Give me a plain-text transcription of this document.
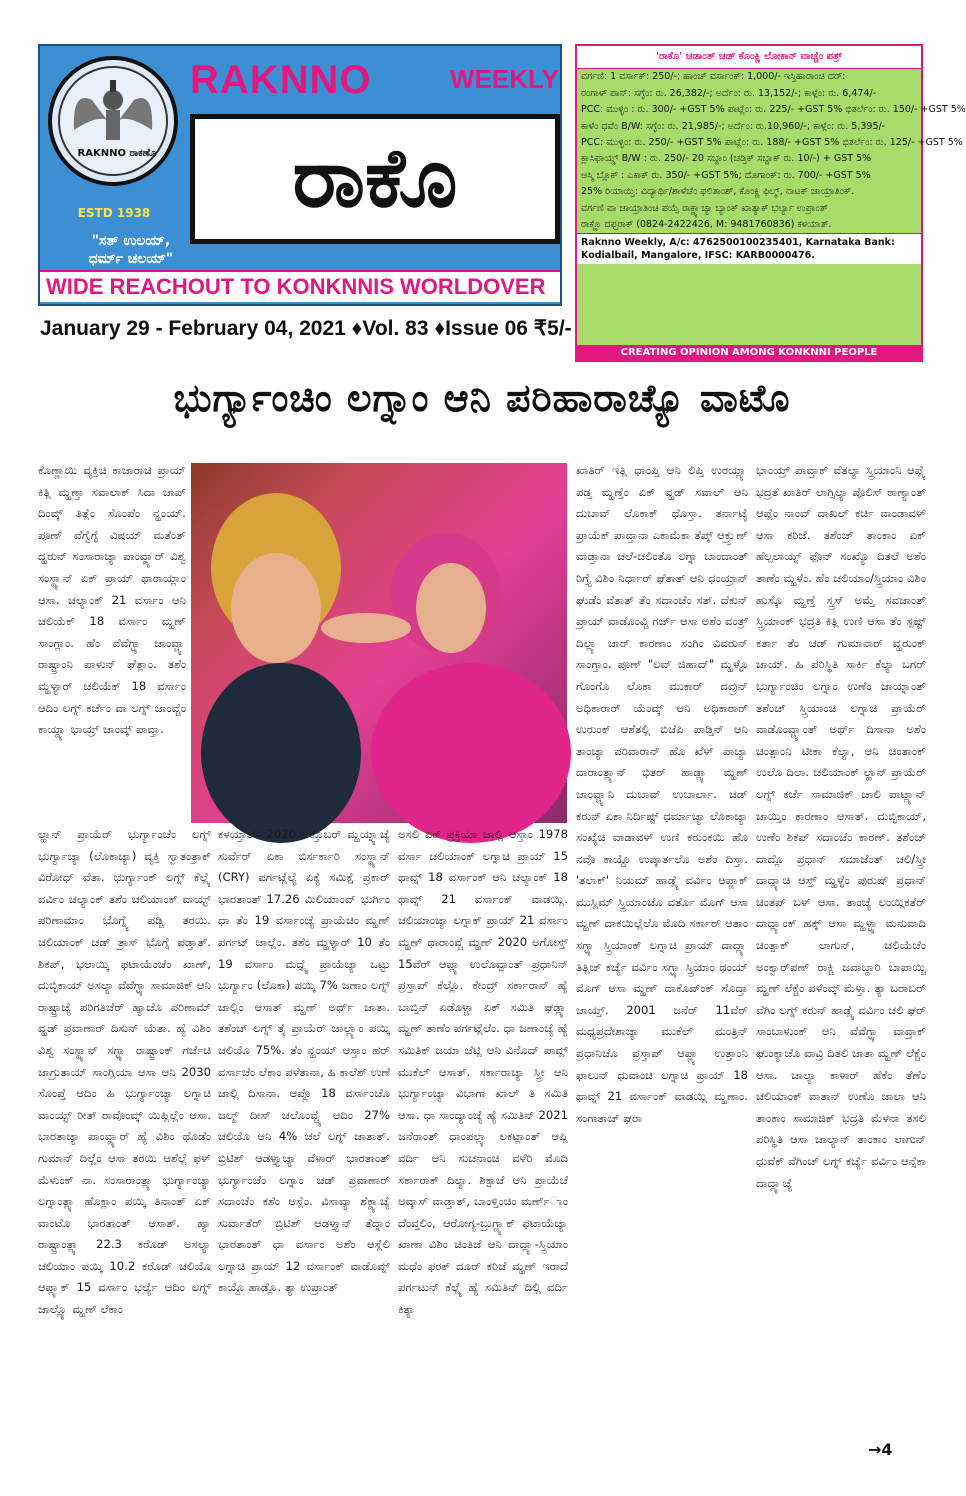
RAKNNO ರಾಕಣೊ
ESTD 1938
RAKNNO	WEEKLY
ರಾಕೊ
"ಸತ್ ಉಲಯ್,
ಧರ್ಮ್ ಚಲಯ್"
WIDE REACHOUT TO KONKNNIS WORLDOVER
January 29 - February 04, 2021 ♦Vol. 83 ♦Issue 06 ₹5/-
'ರಾಕೊ' ಚಡಾಂತ್ ಚಡ್ ಕೊಂಕ್ಣಿ ಲೋಕಾನ್ ವಾಚ್ಚೆಂ ಪತ್ರ್
ವರ್ಗಣಿ: 1 ವರ್ಸಾಕ್: 250/-; ಹಾಂಚ್ ವರ್ಸಾಂಕ್: 1,000/- ಇಸ್ತಿಹಾರಾಂಚಿ ದರ್:
ರಂಗಾಳ್ ಪಾನ್: ಸಗ್ಳೆಂ: ರು. 26,382/-; ಅರ್ದೆಂ: ರು. 13,152/-; ಕಾಳ್ಗೆಂ: ರು. 6,474/-
PCC: ಮುಳ್ಳಿಂ : ರು. 300/- +GST 5% ಪಾಟ್ಲೆಂ: ರು. 225/- +GST 5% ಭಿತರ್ಲೆಂ: ರು. 150/- +GST 5%
ಕಾಳೆಂ ಧವೆಂ B/W: ಸಗ್ಳೆಂ: ರು. 21,985/-; ಅರ್ದೆಂ: ರು.10,960/-; ಕಾಳ್ಗೆಂ: ರು. 5,395/-
PCC: ಮುಳ್ಳಿಂ: ರು. 250/- +GST 5% ಪಾಟ್ಲೆಂ: ರು. 188/- +GST 5% ಭಿತರ್ಲೆಂ: ರು. 125/- +GST 5%
ಕ್ಲಾಸಿಫಾಯ್ಡ್ B/W : ರು. 250/- 20 ಸಬ್ದಾಂ (ಚಡ್ತಿಕ್ ಸಬ್ದಾಕ್ ರು. 10/-) + GST 5%
ಆಸ್ಮಿ ಬ್ಲೊಕ್ : ಎಕಾಕ್ ರು. 350/- +GST 5%; ದೊಗಾಂಕ್: ರು. 700/- +GST 5%
25% ರಿಯಾಯ್ತಿ: ವಿದ್ಯಾರ್ಥಿ/ಶಾಳೆಚೆಂ ಫಲಿತಾಂಶ್, ಕೊಂಕ್ಣಿ ಫಿಲ್ಮ್, ನಾಟಕ್ ಜಾಯ್ರಾತಿಂಕ್.
ವರ್ಗಣಿ ವಾ ಜಾಯ್ರಾತಿಂಚಿ ಪಯ್ಸೆ ರಾಕ್ಣ್ಯಾಚ್ಯಾ ಬ್ಯಾಂಕ್ ಖಾತ್ಯಾಕ್ ಭರ್ಲ್ಯಾ ಉಪ್ರಾಂತ್
ರಾಕ್ಣೊ ದಫ್ತರಾಕ್ (0824-2422426, M: 9481760836) ಕಳಯಾತ್.
Raknno Weekly, A/c: 4762500100235401, Karnataka Bank:
Kodialbail, Mangalore, IFSC: KARB0000476.
CREATING OPINION AMONG KONKNNI PEOPLE
ಭುರ್ಗ್ಯಾಂಚಿಂ ಲಗ್ನಾಂ ಆನಿ ಪರಿಹಾರಾಚ್ಯೊ ವಾಟೊ
ಕೊಣ್ಣಾಯಿ ವ್ಯಕ್ತಿಚಿ ಕಾಜಾರಾಚಿ ಪ್ರಾಯ್ ಕಿತ್ಲಿ ಮ್ಹಣ್ತಾ ಸವಾಲಾಕ್ ಸಿದಾ ಜಾಪ್ ದಿಂವ್ಕ್ ತಿತ್ಲೆಂ ಸೊಂಪೆಂ ನ್ಹಂಯ್. ಪೂಣ್ ವೆಗ್ವೆಗ್ಳೆ ವಿಷಯ್ ಮತೆಂತ್ ದ್ಹರುನ್ ಸಂಸಾರಾಚ್ಯಾ ಪಾಂವ್ಡ್ಯಾರ್ ವಿಶ್ವ ಸಂಸ್ಥ್ಯಾನ್ ಏಕ್ ಪ್ರಾಯ್ ಥಾರಾಯ್ಲಾಂ ಆಸಾ. ಚಲ್ಯಾಂಕ್ 21 ವರ್ಸಾಂ ಆನಿ ಚಲಿಯೆಕ್ 18 ವರ್ಸಾಂ ಮ್ಹಣ್ ಸಾಂಗ್ಲಾಂ. ಹೆಂ ವೆವೆಗ್ಳ್ಯಾ ಜಾಂವ್ಚ್ಯಾ ರಾಷ್ಟ್ರಾಂನಿ ಪಾಳುನ್ ಘೆತ್ಲಾಂ. ತಶೆಂ ಮ್ಹಳ್ಯಾರ್ ಚಲಿಯೆಕ್ 18 ವರ್ಸಾಂ ಆದಿಂ ಲಗ್ನ್ ಕರ್ಚೆಂ ವಾ ಲಗ್ನ್ ಜಾಂವ್ಚೆಂ ಕಾಯ್ದ್ಯಾ ಭಾಯ್ರ್ ಜಾಂವ್ಕ್ ಪಾವ್ತಾ.
ಲ್ಹಾನ್ ಪ್ರಾಯೆರ್ ಭುರ್ಗ್ಯಾಂಚೆಂ ಲಗ್ನ್ ಭುರ್ಗ್ಯಾಚ್ಯಾ (ಲೊಕಾಚ್ಯಾ) ವ್ಯಕ್ತಿ ಸ್ವಾತಂತ್ರಾಕ್ ವಿರೋಧ್ ವೆತಾ. ಭುರ್ಗ್ಯಾಂಕ್ ಲಗ್ನ್ ಕೆಲ್ಲ್ಯೆ ವರ್ವಿಂ ಚಲ್ಯಾಂಕ್ ತಶೆಂ ಚಲಿಯಾಂಕ್ ವಾಯ್ಟ್ ಪರಿಣಾಮಾಂ ಭೊಗ್ನ್ಯೆ ಪಡ್ಚಿ ತರಯಿ. ಚಲಿಯಾಂಕ್ ಚಡ್ ತ್ರಾಸ್ ಭೊಗ್ನೆ ಪಡ್ತಾತ್. ಶಿಕಪ್, ಭಲಾಯ್ಕಿ ಫಟಾಯೆಂಚೆಂ ಖಾಣ್, ದುಬ್ಳಿಕಾಯ್ ಅಸಲ್ಯಾ ವೆವೆಗ್ಳ್ಯಾ ಸಾಮಾಜಿಕ್ ಆನಿ ರಾಷ್ಟ್ರಾಚ್ಯೆ ಪರಿಗತಿಚೆರ್ ಹ್ಯಾಚೊ ಪರಿಣಾಮ್ ವ್ಹಡ್ ಪ್ರವಾಣಾರ್ ದಿಸುನ್ ಯೆತಾ. ಹ್ಯೆ ವಿಶಿಂ ವಿಶ್ವ ಸಂಸ್ಥ್ಯಾನ್ ಸಗ್ಳ್ಯಾ ರಾಷ್ಟ್ರಾಂಕ್ ಗರ್ಜೆಚಿ ಜಾಗ್ರುತಾಯ್ ಸಾಂಗ್ಲಿಯಾ ಆಸಾ ಆನಿ 2030 ಸೊಂಪ್ತೆ ಆದಿಂ ಹಿ ಭುರ್ಗ್ಯಾಂಚ್ಯಾ ಲಗ್ನಾಚಿ ವಾಂಯ್ಟ್ ರೀತ್ ರಾವೊಂವ್ಕ್ ಯಿಪ್ಲಿಲ್ಲೆಂ ಆಸಾ. ಭಾರತಾಚ್ಯಾ ಪಾಂವ್ಡ್ಯಾರ್ ಹ್ಯೆ ವಿಶಿಂ ಥೊಡೆಂ ಗುಮಾನ್ ದಿಲ್ಲೆಂ ಆಸಾ ತರಯಿ ಆಶೆಲ್ಲೆ ಫಳ್ ಮೆಳುಂಕ್ ನಾ. ಸಂಸಾರಾಂತ್ಲ್ಯಾ ಭುರ್ಗ್ಯಾಂಚ್ಯಾ ಲಗ್ನಾಂತ್ಲ್ಯಾ ಹೊಕ್ಲಾಂ ಪಯ್ಕಿ ತಿನಾಂತ್ ಏಕ್ ವಾಂಟೊ ಭಾರತಾಂತ್ ಆಸಾತ್. ಹ್ಯಾ ರಾಷ್ಟ್ರಾಂತ್ಲ್ಯಾ 22.3 ಕರೊಡ್ ಅಸಲ್ಯಾ ಚಲಿಯಾಂ ಪಯ್ಕಿ 10.2 ಕರೊಡ್ ಚಲಿಯೊ ಆಪ್ಲ್ಯಾಕ್ 15 ವರ್ಸಾಂ ಭರ್ಲ್ಯೆ ಆದಿಂ ಲಗ್ನ್ ಜಾಲ್ಲ್ಯೊ ಮ್ಹಣ್ ಲೆಕಾಂ
ಕಳಯ್ತಾತ್. 2020 ಅಕ್ತೊಬರ್ ಮ್ಹಯ್ನ್ಯಾಚ್ಯೆ ಸುರ್ವೆರ್ ಏಕಾ ಬಿರ್ಸರ್ಕಾರಿ ಸಂಸ್ಥ್ಯಾನ್ (CRY) ಪರ್ಗಟ್ಲೆಲ್ಯೆ ಏಕ್ಯೆ ಸಮಿಕ್ಷೆ ಪ್ರಕಾರ್ ಭಾರತಾಂತ್ 17.26 ಮಿಲಿಯಾಂವ್ ಭುರ್ಗಿಂ ಧಾ ತೆಂ 19 ವರ್ಸಾಂಚ್ಯೆ ಪ್ರಾಯೆಚಿಂ ಮ್ಹಣ್ ಪರ್ಗಟ್ ಜಾಲ್ಲೆಂ. ತಶೆಂ ಮ್ಹಳ್ಯಾರ್ 10 ತೆಂ 19 ವರ್ಸಾಂ ಮಧ್ಲ್ಯೆ ಪ್ರಾಯೆಚ್ಯಾ ಒಟ್ಟು ಭುರ್ಗ್ಯಾಂ (ಲೊಕಾ) ಪಯ್ಕಿ 7% ಜಣಾಂ ಲಗ್ನ್ ಜಾಲ್ಲಿಂ ಆಸಾತ್ ಮ್ಹಣ್ ಅರ್ಥ್ ಜಾತಾ. ತಶೆಂಚ್ ಲಗ್ನ್ ತೈ ಪ್ರಾಯೆರ್ ಜಾಲ್ಲ್ಯಾಂ ಪಯ್ಕಿ ಚಲಿಯೊ 75%. ತೆಂ ನ್ಹಂಯ್ ಆಸ್ತಾಂ ಹರ್ ವರ್ಸಾಚೆಂ ಲೆಕಾಂ ಪಳೆತಾನಾ, ಹಿ ಕಾಲೆಶ್ ಉಣೆ ಜಾಲ್ಲಿ ದಿಸಾನಾ. ಆಪ್ಲೊ 18 ವರ್ಸಾಂಚೊ ಜಲ್ಮ್ ದೀಸ್ ಚಲೊಂವ್ಚ್ಯೆ ಆದಿಂ 27% ಚಲಿಯೊ ಆನಿ 4% ಚಲೆ ಲಗ್ನ್ ಜಾತಾತ್. ಬ್ರಿಟಿಶ್ ಆಡಳ್ತ್ಯಾಚ್ಯಾ ವೆಳಾರ್ ಭಾರತಾಂತ್ ಭುರ್ಗ್ಯಾಂಚೆಂ ಲಗ್ನಾಂ ಚಡ್ ಪ್ರವಾಣಾರ್ ಸದಾಂಚೆಂ ಕಶೆಂ ಆಸ್ಲೆಂ. ವಿಸಾವ್ಯಾ ಶೆಕ್ಡ್ಯಾಚ್ಯೆ ಸುರ್ವಾತೆರ್ ಬ್ರಿಟಿಶ್ ಆಡಳ್ತ್ಯಾನ್ ತೆದ್ನಾಂ ಭಾರತಾಂತ್ ಧಾ ವರ್ಸಾಂ ಅಶೆಂ ಆಸ್ಲೆಲಿ ಲಗ್ನಾಚಿ ಪ್ರಾಯ್ 12 ವರ್ಸಾಂಕ್ ವಾಡೊವ್ನ್ ಕಾಯ್ದೊ ಹಾಡ್ಲೊ. ತ್ಯಾ ಉಪ್ರಾಂತ್
ಅಸಲಿ ಏಕ್ ಪ್ರಕ್ರಿಯಾ ಜಾಲ್ಲಿ ಆಸ್ತಾಂ 1978 ವರ್ಸಾ ಚಲಿಯಾಂಕ್ ಲಗ್ನಾಚಿ ಪ್ರಾಯ್ 15 ಥಾವ್ನ್ 18 ವರ್ಸಾಂಕ್ ಆನಿ ಚಲ್ಯಾಂಕ್ 18 ಥಾವ್ನ್ 21 ವರ್ಸಾಂಕ್ ವಾಡಯ್ಲಿ. ಚಲಿಯಾಂಚ್ಯಾ ಲಗ್ನಾಕ್ ಪ್ರಾಯ್ 21 ವರ್ಸಾಂ ಮ್ಹಣ್ ಥಾರಾಂವ್ಚೆ ಮ್ಹಣ್ 2020 ಅಗೋಸ್ತ್ 15ವೆರ್ ಆಪ್ಲ್ಯಾ ಉಲೊವ್ಪಾಂತ್ ಪ್ರಧಾನಿನ್ ಪ್ರಸ್ತಾಪ್ ಕೆಲ್ಲೊ. ಕೇಂದ್ರ್ ಸರ್ಕಾರಾನ್ ಹ್ಯೆ ಬಾಬ್ತಿನ್ ಏಡೊಳ್ಚಾ ಏಕ್ ಸಮಿತಿ ಘಡ್ಲ್ಯಾ ಮ್ಹಣ್ ತಾಣೆಂ ಪರ್ಗಟ್ಲೆಲೆಂ. ಧಾ ಜಣಾಂಚ್ಯೆ ಹ್ಯೆ ಸಮಿತಿಕ್ ಜಯಾ ಜೆಟ್ಲಿ ಆನಿ ವಿನೊದ್ ಪಾವ್ಲ್ ಮುಕೆಲ್ ಆಸಾತ್. ಸರ್ಕಾರಾಚ್ಯಾ ಸ್ತ್ರೀ ಆನಿ ಭುರ್ಗ್ಯಾಂಚ್ಯಾ ವಿಭಾಗಾ ಖಾಲ್ ತಿ ಸಮಿತಿ ಆಸಾ. ಧಾ ಸಾಂದ್ಯಾಂಚ್ಯೆ ಹ್ಯೆ ಸಮಿತಿನ್ 2021 ಜನೆರಾಂತ್ ಧಾಂಪಲ್ಲ್ಯಾ ಲಕಟ್ಲಾಂತ್ ಆಪ್ಲಿ ವರ್ದಿ ಆನಿ ಸುಚನಾಂಚಿ ವಳೆರಿ ಮೊದಿ ಸರ್ಕಾರಾಕ್ ದಿಲ್ಯಾ. ಶಿಕ್ಪಾಚೆ ಆನಿ ಪ್ರಾಯೆಚೆ ಅವ್ಕಾಸ್ ವಾಡ್ತಾತ್, ಬಾಂಳ್ತಿಂಚಿಂ ಮರ್ಣ್ಾಂ ದೆಂವ್ತಲಿಂ, ಆರೋಗ್ಯ-ಬ್ರುಗ್ಣ್ಯಾಕ್ ಫಟಾಯೆಚ್ಯಾ ಖಾಣಾ ವಿಶಿಂ ಚಿಂತಿಜೆ ಆನಿ ದಾದ್ಲ್ಯಾ-ಸ್ತ್ರಿಯಾಂ ಮಧೆಂ ಫರಕ್ ದೂರ್ ಕರಿಜೆ ಮ್ಹಣ್ ಇರಾದೆ ಪರ್ಗಟುನ್ ಕೆಲ್ಲ್ಯೆ ಹ್ಯೆ ಸಮಿತಿನ್ ದಿಲ್ಲಿ ವರ್ದಿ ಕಿತ್ಯಾ
ಖಾತಿರ್ ಇತ್ಲಿ ಧಾಂಪ್ತಿ ಆನಿ ಲಿಪ್ತಿ ಉರಯ್ಲ್ಯಾ ಪಡ್ತ ಮ್ಹಣ್ತೆಂ ಏಕ್ ವ್ಹಡ್ ಸವಾಲ್ ಆನಿ ದುಬಾವ್ ಲೊಕಾಕ್ ಧೊಸ್ತಾ. ತರ್ನಾಟ್ಯೆ ಪ್ರಾಯೆಕ್ ಪಾವ್ತಾನಾ ಎಕಾಮೆಕಾ ತೆಪ್ಕ್ ಆಕ್ರ್ಸುಣ್ ವಾಡ್ತಾನಾ ಚಲೆ-ಚಲಿಂತೊ ಲಗ್ನಾ ಬಾಂದಾಂತ್ ರಿಗ್ತ್ಯೆ ವಿಶಿಂ ನಿರ್ಧಾರ್ ಘೆತಾತ್ ಆನಿ ಧಂಯ್ರಾನ್ ಘುಡೆಂ ವೆತಾತ್ ತೆಂ ಸದಾಂಚೆಂ ಸತ್. ದೆಕುನ್ ಪ್ರಾಯ್ ವಾಡೊಂವ್ಚಿ ಗರ್ಜ್ ಆಸಾ ಅಶೆಂ ವಂತ್ರ್ ದಿಲ್ಲ್ಯಾ ಚಾರ್ ಕಾರಣಾಂ ಸಂಗಿಂ ವಿವರುನ್ ಸಾಂಗ್ತಾಂ. ಪೂಣ್ "ಲವ್ ಜಿಹಾದ್" ಮ್ಹಳ್ಳೊ ಗೊಂಗೊ ಲೊಕಾ ಮುಕಾರ್ ದವ್ರುನ್ ಅಧಿಕಾರಾರ್ ಯೆಂವ್ಕ್ ಆನಿ ಅಧಿಕಾರಾರ್ ಉರುಂಕ್ ಆಶೆತಲ್ಲಿ ಬಿಜೆಪಿ ಪಾಡ್ತಿನ್ ಆನಿ ತಾಂಚ್ಯಾ ಪರಿವಾರಾನ್ ಹೊ ಖೆಳ್ ಪಾಚ್ಯಾ ದಾರಾಂತ್ಲ್ಯಾನ್ ಭಿತರ್ ಹಾಡ್ಲ್ಯಾ ಮ್ಹಣ್ ಜಾಂವ್ಚ್ಯಾನಿ ದುಬಾವ್ ಉಬಾರ್ಲಾ. ಚಡ್ ಕರುನ್ ಏಕಾ ನಿರ್ದಿಷ್ಟ್ ಧರ್ಮಾಚ್ಯಾ ಲೊಕಾಚ್ಯಾ ಸಂಖ್ಯೆಚಿ ವಾಡಾವಳ್ ಉಣಿ ಕರುಂಕಯಿ ಹೊ ನವೊ ಕಾಯ್ದೊ ಉಪ್ಕಾರ್ತಲೊ ಅಶೆಂ ದಿಸ್ತಾ. 'ತಲಾಕ್' ನಿಯಮ್ ಹಾಡ್ಲ್ಯೆ ವರ್ವಿಂ ಆಪ್ಣಾಕ್ ಮುಸ್ಲಿಮ್ ಸ್ತ್ರಿಯಾಂಚೊ ವರ್ತೊ ಮೊಗ್ ಆಸಾ ಮ್ಹಣ್ ದಾಕಯಿಲ್ಲೆಲೊ ಮೊದಿ ಸರ್ಕಾರ್ ಆತಾಂ ಸಗ್ಳ್ಯಾ ಸ್ತ್ರಿಯಾಂಕ್ ಲಗ್ನಾಚಿ ಪ್ರಾಯ್ ದಾದ್ಲ್ಯಾ ತಿತ್ಲಿಚ್ ಕರ್ಚ್ಯೆ ವರ್ವಿಂ ಸಗ್ಳ್ಯಾ ಸ್ತ್ರಿಯಾಂ ಥಂಯ್ ಮೊಗ್ ಆಸಾ ಮ್ಹಣ್ ದಾಕೊವ್ಂಕ್ ಸೊದ್ತಾ ಜಾಯ್ತ್. 2001 ಜನೆರ್ 11ವೆರ್ ಮಧ್ಯಪ್ರದೇಶಾಚ್ಯಾ ಮುಕೆಲ್ ಮಂತ್ರಿನ್ ಪ್ರಧಾನಿಚೊ ಪ್ರಸ್ತಾಪ್ ಆಪ್ಣ್ಯಾ ಉತ್ತಾಂನಿ ಫಾಲುನ್ ಧುವಾಂಚಿ ಲಗ್ನಾಚಿ ಪ್ರಾಯ್ 18 ಥಾವ್ನ್ 21 ವರ್ಸಾಂಕ್ ವಾಡಯ್ಲಿ ಮ್ಹಣಾಂ. ಸಂಗಾತಾಚ್ ಘರಾ
ಭಾಂಯ್ರ್ ಪಾವ್ತಾಕ್ ವೆತಲ್ಯಾ ಸ್ತ್ರಿಯಾಂನಿ ಆಪ್ಲ್ಯೆ ಭದ್ರತೆ ಖಾತಿರ್ ಲಾಗ್ಸಿಲ್ಯಾ ಪೊಲಿಸ್ ಠಾಣ್ಯಾಂತ್ ಆಪ್ಲೆಂ ನಾಂವ್ ದಾಖಲ್ ಕರ್ಚಿ ವಾಂಡಾವಳ್ ಆಸಾ ಕರಿಜೆ. ತಶೆಂಚ್ ತಾಂಕಾಂ ಏಕ್ ಹೆಲ್ಪಲಾಯ್ನ್ ಫೊನ್ ಸಂಖ್ಯೊ ದಿತಲೆ ಅಶೆಂ ತಾಣೆಂ ಮ್ಹಳೆಂ. ಹೆಂ ಚಲಿಯಾಂ/ಸ್ತ್ರಿಯಾಂ ವಿಶಿಂ ಹುಸ್ಕೊ ಮ್ಹಣ್ತೆ ಸ್ತ್ರಸ್ ಅಮ್ತೆ ಸವಜಾಂತ್ ಸ್ತ್ರಿಯಾಂಕ್ ಭದ್ರತಿ ಕಿತ್ಲಿ ಉಣಿ ಆಸಾ ತೆಂ ಸ್ಪಷ್ಟ್ ಕರ್ತಾ ತೆಂ ಚಡ್ ಗುಮಾನಾರ್ ವ್ಹರುಂಕ್ ಜಾಯ್. ಹಿ ಪರಿಸ್ಥಿತಿ ಸಾರ್ಕಿ ಕೆಲ್ಯಾ ಬಗರ್ ಭುರ್ಗ್ಯಾಂಚಿಂ ಲಗ್ನಾಂ ಉಣೆಂ ಜಾಯ್ನಾಂತ್ ತಶೆಂಚ್ ಸ್ತ್ರಿಯಾಂಚಿ ಲಗ್ನಾಚಿ ಪ್ರಾಯೆರ್ ವಾಡೊಂವ್ಚ್ಯಾಂತ್ ಅರ್ಥ್ ದಿಸಾನಾ ಅಶೆಂ ಚಿಂತ್ಪಾಂನಿ ಟೀಕಾ ಕೆಲ್ಯಾ, ಆನಿ ಚಿಂತಾಂಕ್ ಉಲೊ ದಿಲಾ. ಚಲಿಯಾಂಕ್ ಲ್ಹಾನ್ ಪ್ರಾಯೆರ್ ಲಗ್ನ್ ಕರ್ಚೆ ಸಾಮಾಜಿಕ್ ಚಾಲಿ ಪಾಟ್ಲ್ಯಾನ್ ಜಾಯ್ತಿಂ ಕಾರಣಾಂ ಆಸಾತ್. ದುಬ್ಳಿಕಾಯ್, ಉಣೆಂ ಶಿಕಪ್ ಸದಾಂಚೆಂ ಕಾರಣ್. ತಶೆಂಚ್ ದಾದ್ಲೊ ಪ್ರಧಾನ್ ಸಮಾಜೆಂತ್ ಚಲಿ/ಸ್ತ್ರೀ ದಾದ್ಲ್ಯಾಚಿ ಆಸ್ತ್ ಮ್ಹಳ್ಳೆಂ ಪುರುಷ್ ಪ್ರಧಾನ್ ಚಿಂತಪ್ ಬಳ್ ಆಸಾ. ತಾಂಚ್ಯೆ ಲಂಯ್ಗಿಕತೆರ್ ದಾದ್ಲ್ಯಾಂಕ್ ಹಕ್ಕ್ ಆಸಾ ಮ್ಹಳ್ಳ್ಯಾ ಮನುವಾದಿ ಚಿಂತ್ಪಾಕ್ ಲಾಗುನ್, ಚಲಿಯೆಚೆಂ ಅಂಕ್ವಾರ್‌ಪಣ್ ರಾಕ್ಚಿ ಜವಾಬ್ದಾರಿ ಬಾಪಾಯ್ಚಿ ಮ್ಹಣ್ ಲೆಕ್ಚೆಂ ಪಳೆಂವ್ಕ್ ಮೆಳ್ತಾ. ತ್ಯಾ ಬರಾಬರ್ ವೆಗಿಂ ಲಗ್ನ್ ಕರುನ್ ಹಾಡ್ಲ್ಯೆ ವರ್ವಿಂ ಚಲಿ ಘರ್ ಸಾಂಬಾಳುಂಕ್ ಆನಿ ವೆವೆಗ್ಳ್ಯಾ ವಾವ್ರಾಕ್ ಘುಂಕ್ಯಾಚೊ ವಾವ್ರಿ ದಿತಲಿ ಜಾತಾ ಮ್ಹಣ್ ಲೆಕ್ಚೆಂ ಆಸಾ. ಚಾಲ್ಯಾ ಕಾಳಾರ್ ಹೆಕೆಂ ತೆಣೆಂ ಚಲಿಯಾಂಕ್ ವಾತಾನ್ ಉಣೊ ಜಾಲಾ ಆನಿ ತಾಂಕಾಂ ಸಾಮಾಜಿಕ್ ಭದ್ರತಿ ಮೆಳನಾ ತಸಲಿ ಪರಿಸ್ಥಿತಿ ಆಸಾ ಜಾಲ್ಯಾನ್ ತಾಂಕಾಂ ಲಾಗುನ್ ಧುವೆಕ್ ವೆಗಿಂಚ್ ಲಗ್ನ್ ಕರ್ಚ್ಯೆ ವರ್ವಿಂ ಆನ್ಸೆಕಾ ದಾದ್ಲ್ಯಾಚ್ಯೆ
→4
